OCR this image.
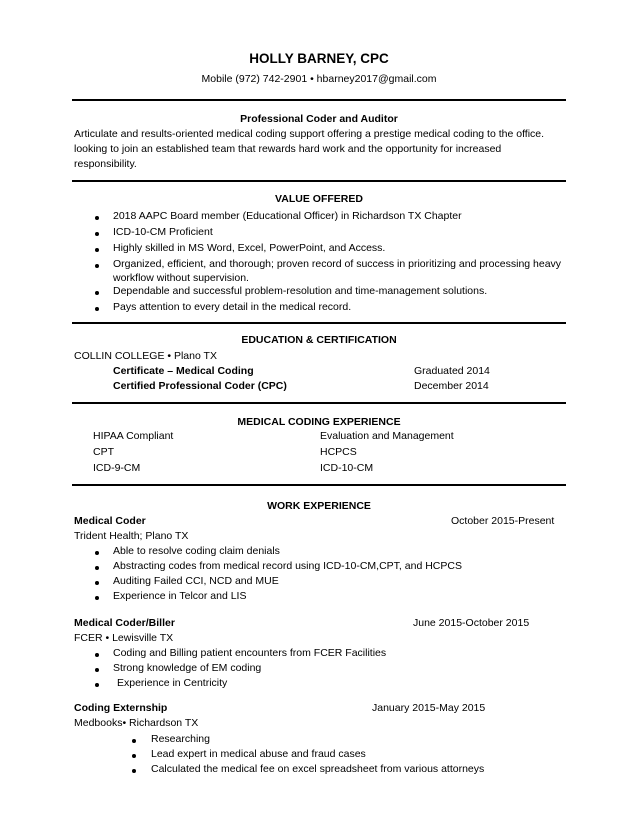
HOLLY BARNEY, CPC
Mobile (972) 742-2901 • hbarney2017@gmail.com
Professional Coder and Auditor
Articulate and results-oriented medical coding support offering a prestige medical coding to the office.
looking to join an established team that rewards hard work and the opportunity for increased
responsibility.
VALUE OFFERED
2018 AAPC Board member (Educational Officer) in Richardson TX Chapter
ICD-10-CM Proficient
Highly skilled in MS Word, Excel, PowerPoint, and Access.
Organized, efficient, and thorough; proven record of success in prioritizing and processing heavy
workflow without supervision.
Dependable and successful problem-resolution and time-management solutions.
Pays attention to every detail in the medical record.
EDUCATION & CERTIFICATION
COLLIN COLLEGE • Plano TX
Certificate – Medical Coding	Graduated 2014
Certified Professional Coder (CPC)	December 2014
MEDICAL CODING EXPERIENCE
HIPAA Compliant	Evaluation and Management
CPT	HCPCS
ICD-9-CM	ICD-10-CM
WORK EXPERIENCE
Medical Coder	October 2015-Present
Trident Health; Plano TX
Able to resolve coding claim denials
Abstracting codes from medical record using ICD-10-CM,CPT, and HCPCS
Auditing Failed CCI, NCD and MUE
Experience in Telcor and LIS
Medical Coder/Biller	June 2015-October 2015
FCER • Lewisville TX
Coding and Billing patient encounters from FCER Facilities
Strong knowledge of EM coding
Experience in Centricity
Coding Externship	January 2015-May 2015
Medbooks• Richardson TX
Researching
Lead expert in medical abuse and fraud cases
Calculated the medical fee on excel spreadsheet from various attorneys
